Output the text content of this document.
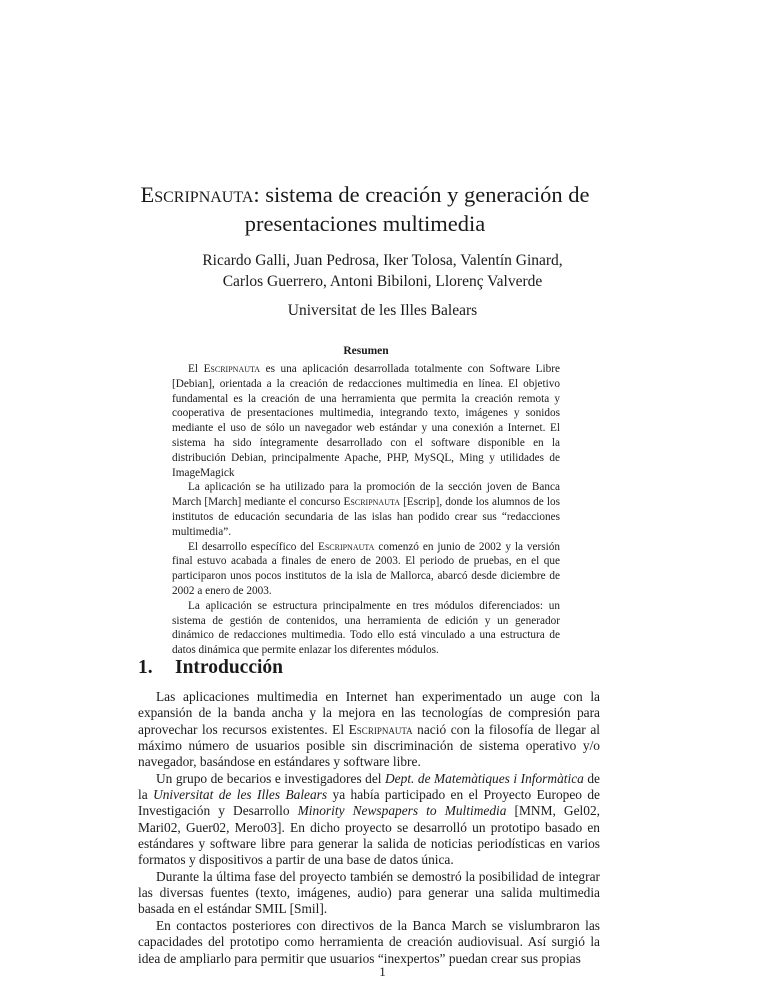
Escripnauta: sistema de creación y generación de presentaciones multimedia
Ricardo Galli, Juan Pedrosa, Iker Tolosa, Valentín Ginard,
Carlos Guerrero, Antoni Bibiloni, Llorenç Valverde
Universitat de les Illes Balears
Resumen

El Escripnauta es una aplicación desarrollada totalmente con Software Libre [Debian], orientada a la creación de redacciones multimedia en línea. El objetivo fundamental es la creación de una herramienta que permita la creación remota y cooperativa de presentaciones multimedia, integrando texto, imágenes y sonidos mediante el uso de sólo un navegador web estándar y una conexión a Internet. El sistema ha sido íntegramente desarrollado con el software disponible en la distribución Debian, principalmente Apache, PHP, MySQL, Ming y utilidades de ImageMagick

La aplicación se ha utilizado para la promoción de la sección joven de Banca March [March] mediante el concurso Escripnauta [Escrip], donde los alumnos de los institutos de educación secundaria de las islas han podido crear sus “redacciones multimedia”.

El desarrollo específico del Escripnauta comenzó en junio de 2002 y la versión final estuvo acabada a finales de enero de 2003. El periodo de pruebas, en el que participaron unos pocos institutos de la isla de Mallorca, abarcó desde diciembre de 2002 a enero de 2003.

La aplicación se estructura principalmente en tres módulos diferenciados: un sistema de gestión de contenidos, una herramienta de edición y un generador dinámico de redacciones multimedia. Todo ello está vinculado a una estructura de datos dinámica que permite enlazar los diferentes módulos.

1. Introducción

Las aplicaciones multimedia en Internet han experimentado un auge con la expansión de la banda ancha y la mejora en las tecnologías de compresión para aprovechar los recursos existentes. El Escripnauta nació con la filosofía de llegar al máximo número de usuarios posible sin discriminación de sistema operativo y/o navegador, basándose en estándares y software libre.

Un grupo de becarios e investigadores del Dept. de Matemàtiques i Informàtica de la Universitat de les Illes Balears ya había participado en el Proyecto Europeo de Investigación y Desarrollo Minority Newspapers to Multimedia [MNM, Gel02, Mari02, Guer02, Mero03]. En dicho proyecto se desarrolló un prototipo basado en estándares y software libre para generar la salida de noticias periodísticas en varios formatos y dispositivos a partir de una base de datos única.

Durante la última fase del proyecto también se demostró la posibilidad de integrar las diversas fuentes (texto, imágenes, audio) para generar una salida multimedia basada en el estándar SMIL [Smil].

En contactos posteriores con directivos de la Banca March se vislumbraron las capacidades del prototipo como herramienta de creación audiovisual. Así surgió la idea de ampliarlo para permitir que usuarios “inexpertos” puedan crear sus propias

1
